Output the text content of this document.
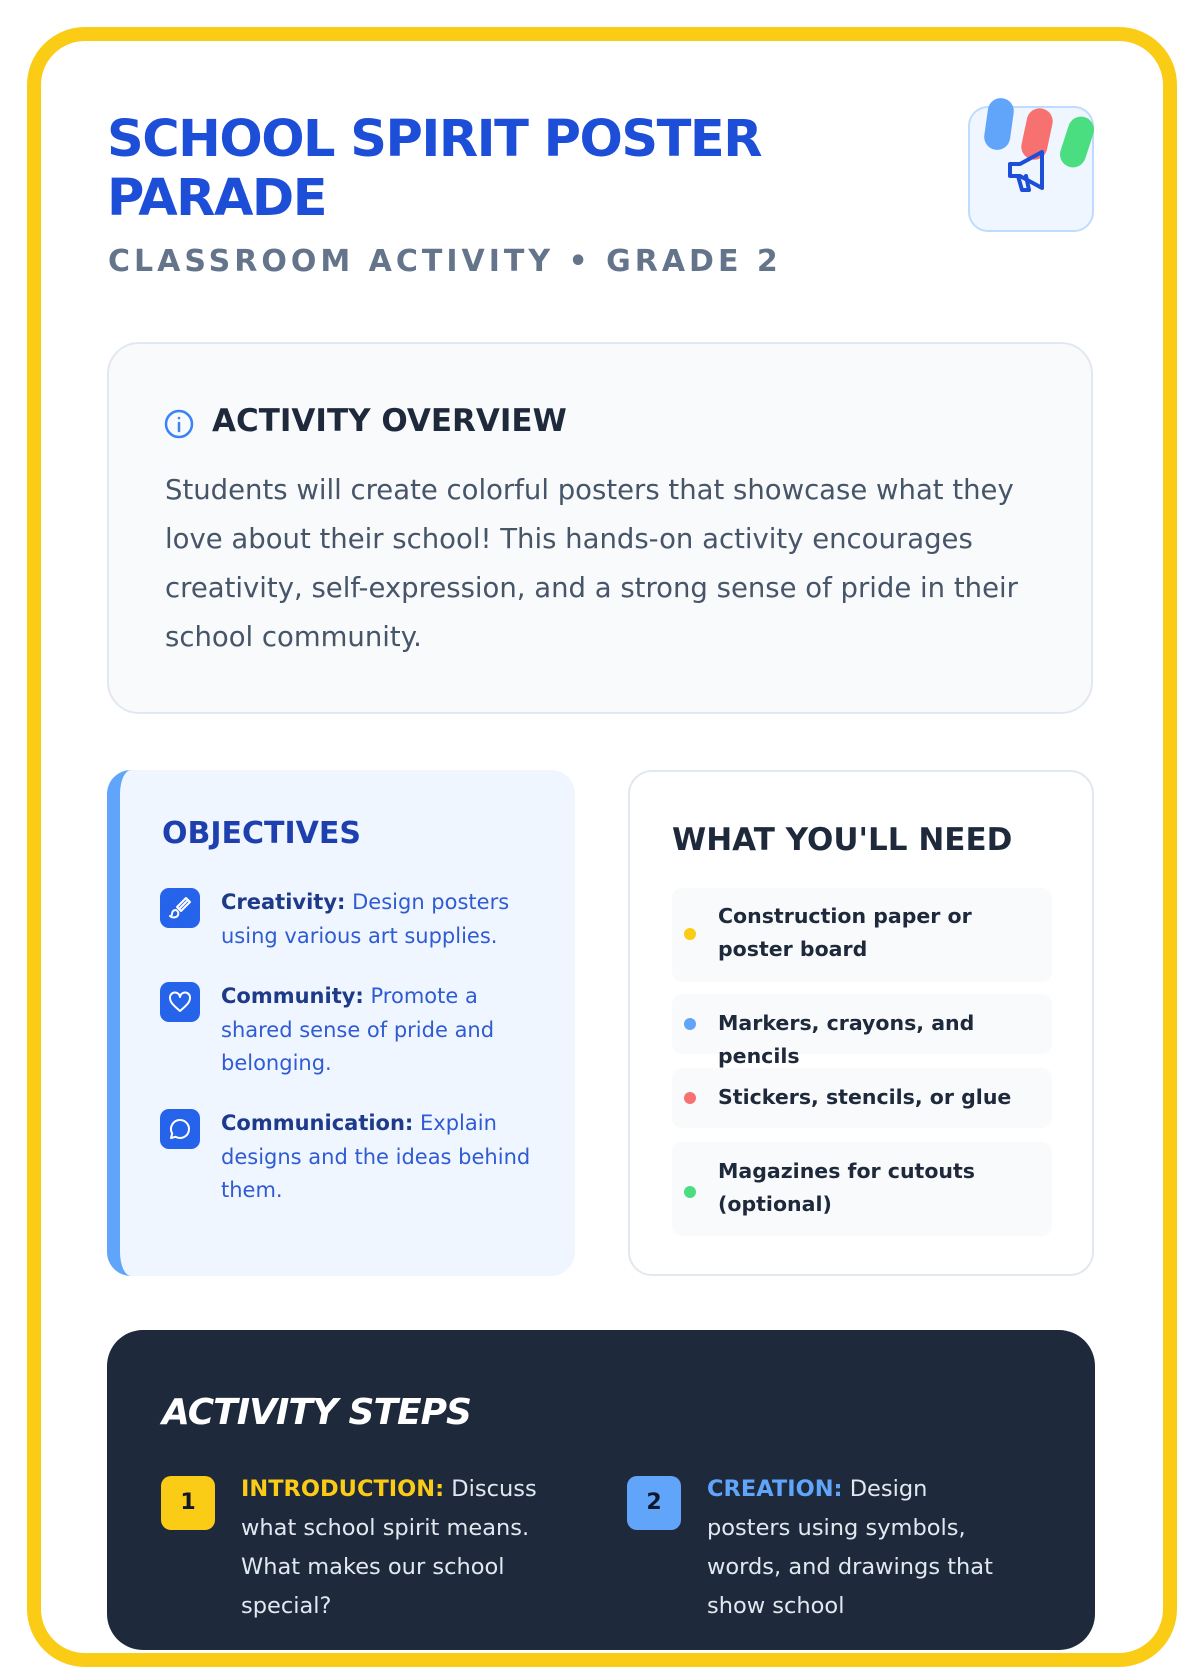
SCHOOL SPIRIT POSTER PARADE
CLASSROOM ACTIVITY • GRADE 2
ACTIVITY OVERVIEW

Students will create colorful posters that showcase what they love about their school! This hands-on activity encourages creativity, self-expression, and a strong sense of pride in their school community.

OBJECTIVES
Creativity: Design posters using various art supplies.
Community: Promote a shared sense of pride and belonging.
Communication: Explain designs and the ideas behind them.
WHAT YOU'LL NEED
Construction paper or poster board
Markers, crayons, and pencils
Stickers, stencils, or glue
Magazines for cutouts (optional)
ACTIVITY STEPS
1
INTRODUCTION: Discuss what school spirit means. What makes our school special?
2
CREATION: Design posters using symbols, words, and drawings that show school
